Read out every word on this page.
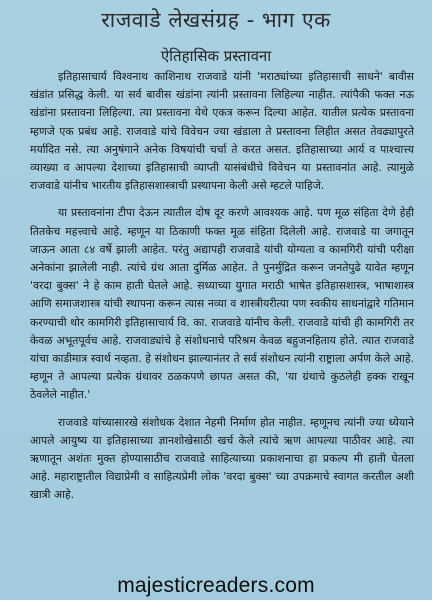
राजवाडे लेखसंग्रह - भाग एक
ऐतिहासिक प्रस्तावना

इतिहासाचार्य विश्वनाथ काशिनाथ राजवाडे यांनी 'मराठ्यांच्या इतिहासाची साधने' बावीस खंडांत प्रसिद्ध केली. या सर्व बावीस खंडांना त्यांनी प्रस्तावना लिहिल्या नाहीत. त्यांपैकी फक्त नऊ खंडांना प्रस्तावना लिहिल्या. त्या प्रस्तावना येथे एकत्र करून दिल्या आहेत. यातील प्रत्येक प्रस्तावना म्हणजे एक प्रबंध आहे. राजवाडे यांचे विवेचन ज्या खंडाला ते प्रस्तावना लिहीत असत तेवढ्यापुरते मर्यादित नसे. त्या अनुषंगाने अनेक विषयांची चर्चा ते करत असत. इतिहासाच्या आर्य व पाश्चात्त्य व्याख्या व आपल्या देशाच्या इतिहासाची व्याप्ती यासंबंधीचे विवेचन या प्रस्तावनांत आहे. त्यामुळे राजवाडे यांनीच भारतीय इतिहासशास्त्राची प्रस्थापना केली असे म्हटले पाहिजे.

या प्रस्तावनांना टीपा देऊन त्यातील दोष दूर करणे आवश्यक आहे. पण मूळ संहिता देणे हेही तितकेच महत्त्वाचे आहे. म्हणून या ठिकाणी फक्त मूळ संहिता दिलेली आहे. राजवाडे या जगातून जाऊन आता ८४ वर्षे झाली आहेत. परंतु अद्यापही राजवाडे यांची योग्यता व कामगिरी यांची परीक्षा अनेकांना झालेली नाही. त्यांचे ग्रंथ आता दुर्मिळ आहेत. ते पुनर्मुद्रित करून जनतेपुढे यावेत म्हणून 'वरदा बुक्स' ने हे काम हाती घेतले आहे. सध्याच्या युगात मराठी भाषेत इतिहासशास्त्र, भाषाशास्त्र आणि समाजशास्त्र यांची स्थापना करून त्यास नव्या व शास्त्रीयरीत्या पण स्वकीय साधनांद्वारे गतिमान करण्याची थोर कामगिरी इतिहासाचार्य वि. का. राजवाडे यांनीच केली. राजवाडे यांची ही कामगिरी तर केवळ अभूतपूर्वच आहे. राजवाड्यांचे हे संशोधनाचे परिश्रम केवळ बहुजनहिताय होते. त्यात राजवाडे यांचा काडीमात्र स्वार्थ नव्हता. हे संशोधन झाल्यानंतर ते सर्व संशोधन त्यांनी राष्ट्राला अर्पण केले आहे. म्हणून ते आपल्या प्रत्येक ग्रंथावर ठळकपणे छापत असत की, 'या ग्रंथाचे कुठलेही हक्क राखून ठेवलेले नाहीत.'

राजवाडे यांच्यासारखे संशोधक देशात नेहमी निर्माण होत नाहीत. म्हणूनच त्यांनी ज्या ध्येयाने आपले आयुष्य या इतिहासाच्या ज्ञानशोखेसाठी खर्च केले त्यांचे ऋण आपल्या पाठीवर आहे. त्या ऋणातून अशंतः मुक्त होण्यासाठीच राजवाडे साहित्याच्या प्रकाशनाचा हा प्रकल्प मी हाती घेतला आहे. महाराष्ट्रातील विद्याप्रेमी व साहित्यप्रेमी लोक 'वरदा बुक्स' च्या उपक्रमाचे स्वागत करतील अशी खात्री आहे.

majesticreaders.com
